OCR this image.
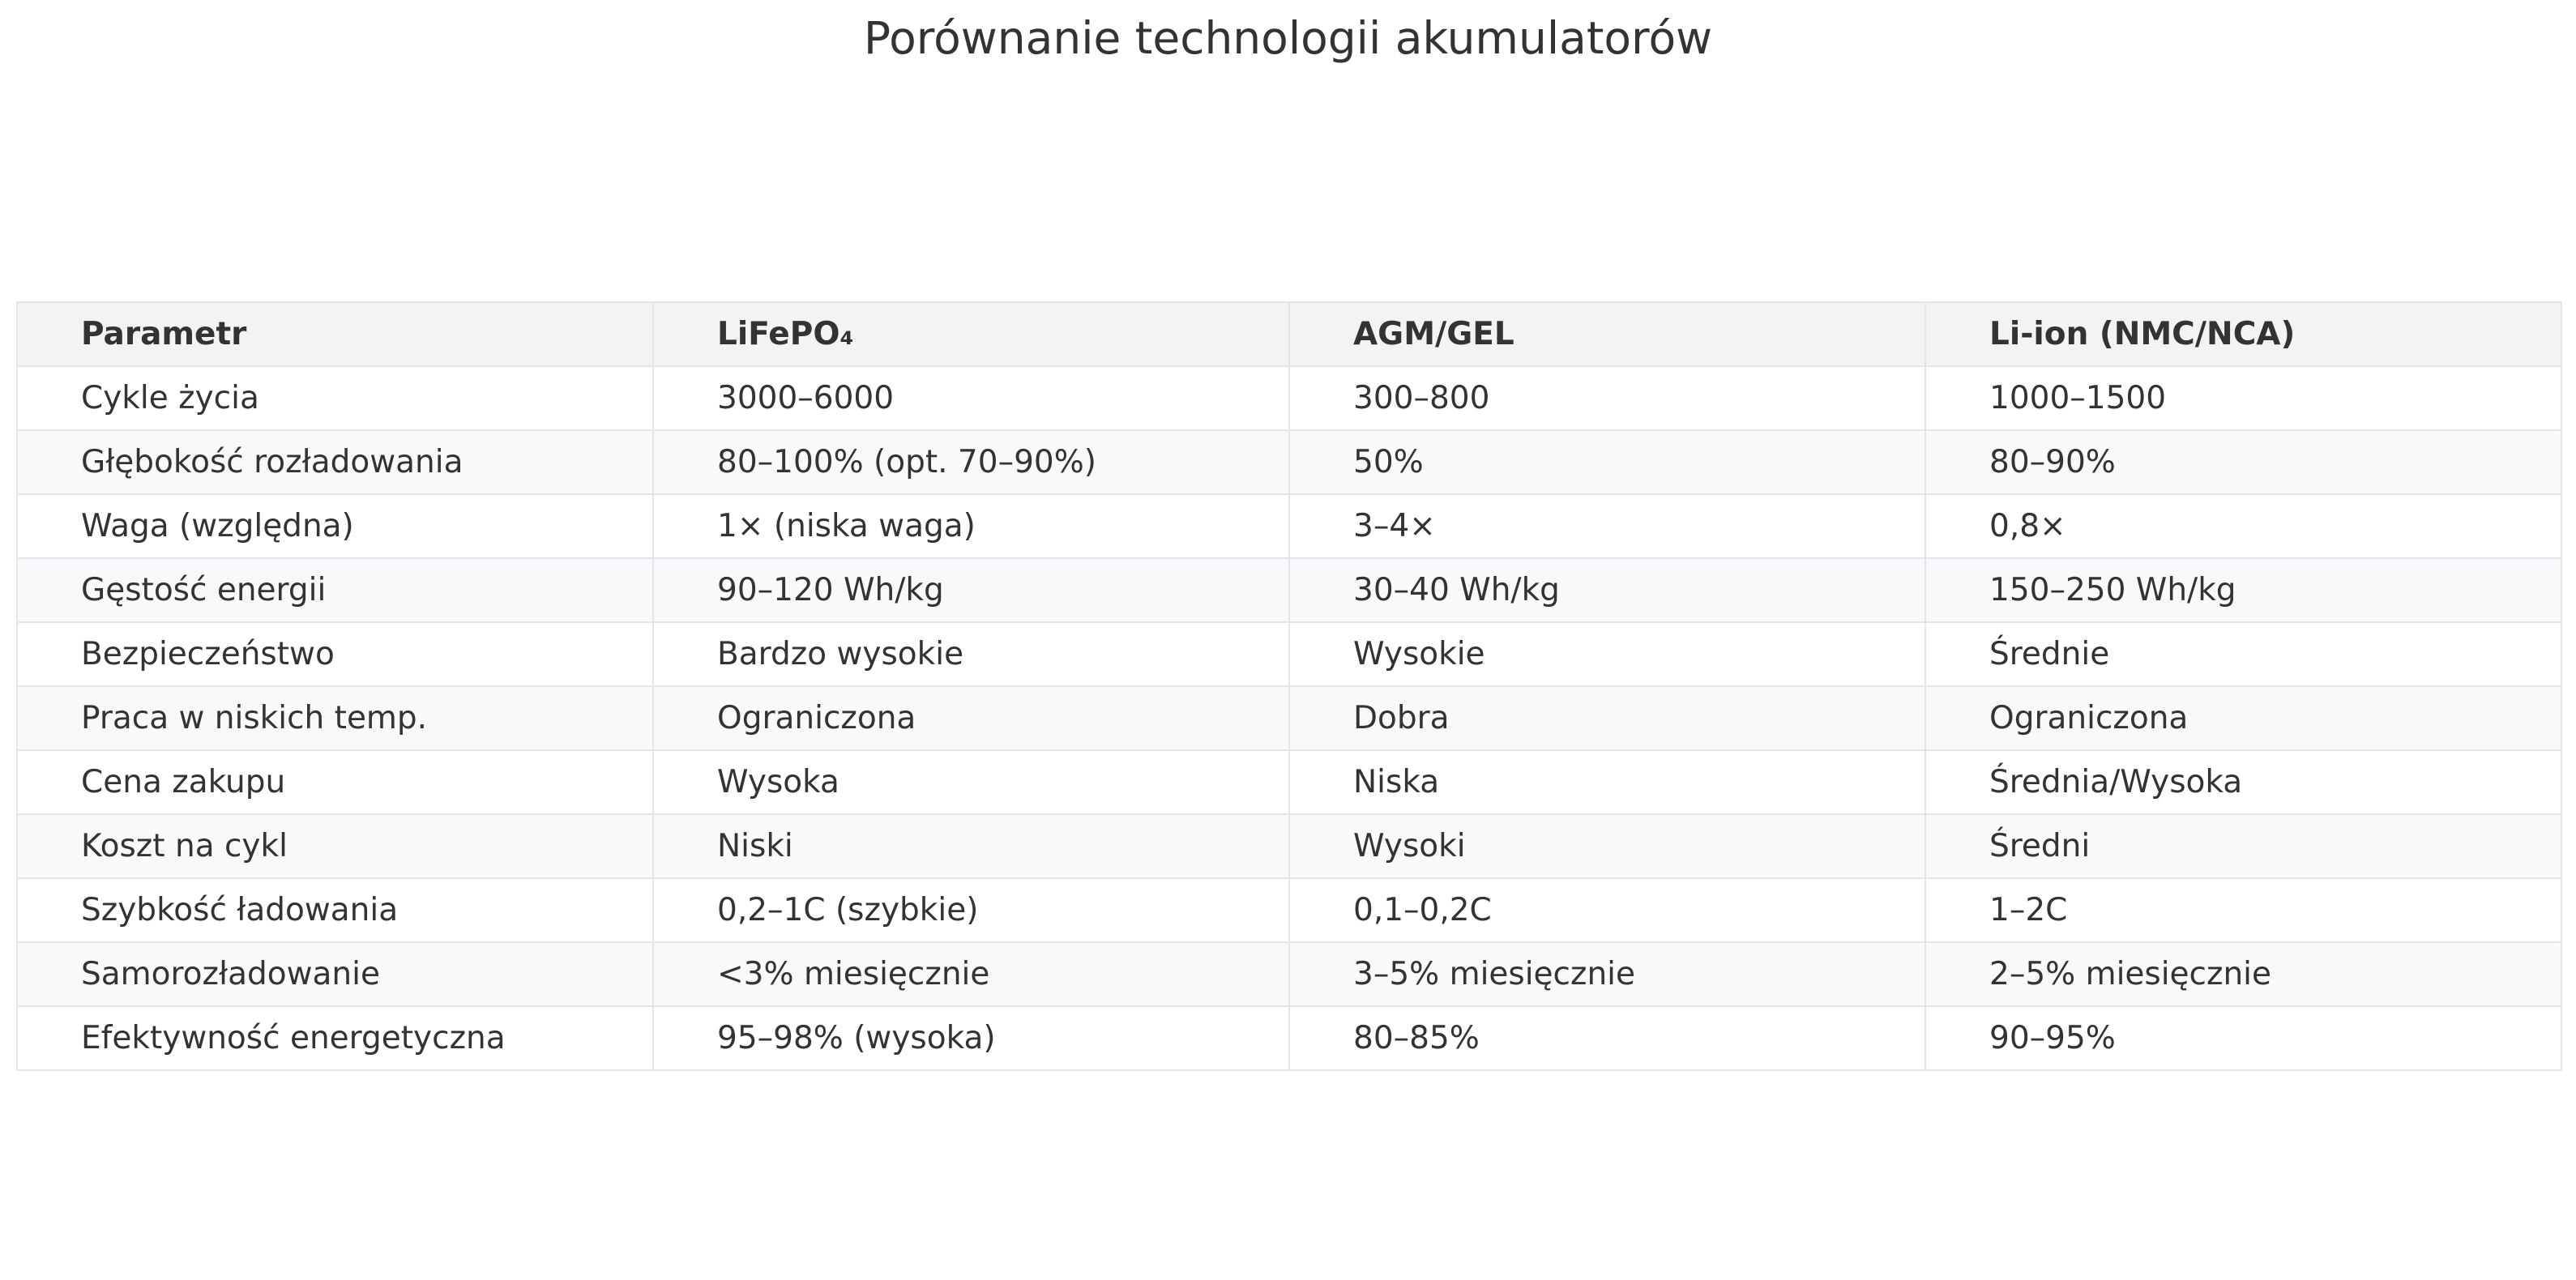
Porównanie technologii akumulatorów
Parametr	LiFePO₄	AGM/GEL	Li-ion (NMC/NCA)
Cykle życia	3000–6000	300–800	1000–1500
Głębokość rozładowania	80–100% (opt. 70–90%)	50%	80–90%
Waga (względna)	1× (niska waga)	3–4×	0,8×
Gęstość energii	90–120 Wh/kg	30–40 Wh/kg	150–250 Wh/kg
Bezpieczeństwo	Bardzo wysokie	Wysokie	Średnie
Praca w niskich temp.	Ograniczona	Dobra	Ograniczona
Cena zakupu	Wysoka	Niska	Średnia/Wysoka
Koszt na cykl	Niski	Wysoki	Średni
Szybkość ładowania	0,2–1C (szybkie)	0,1–0,2C	1–2C
Samorozładowanie	<3% miesięcznie	3–5% miesięcznie	2–5% miesięcznie
Efektywność energetyczna	95–98% (wysoka)	80–85%	90–95%
